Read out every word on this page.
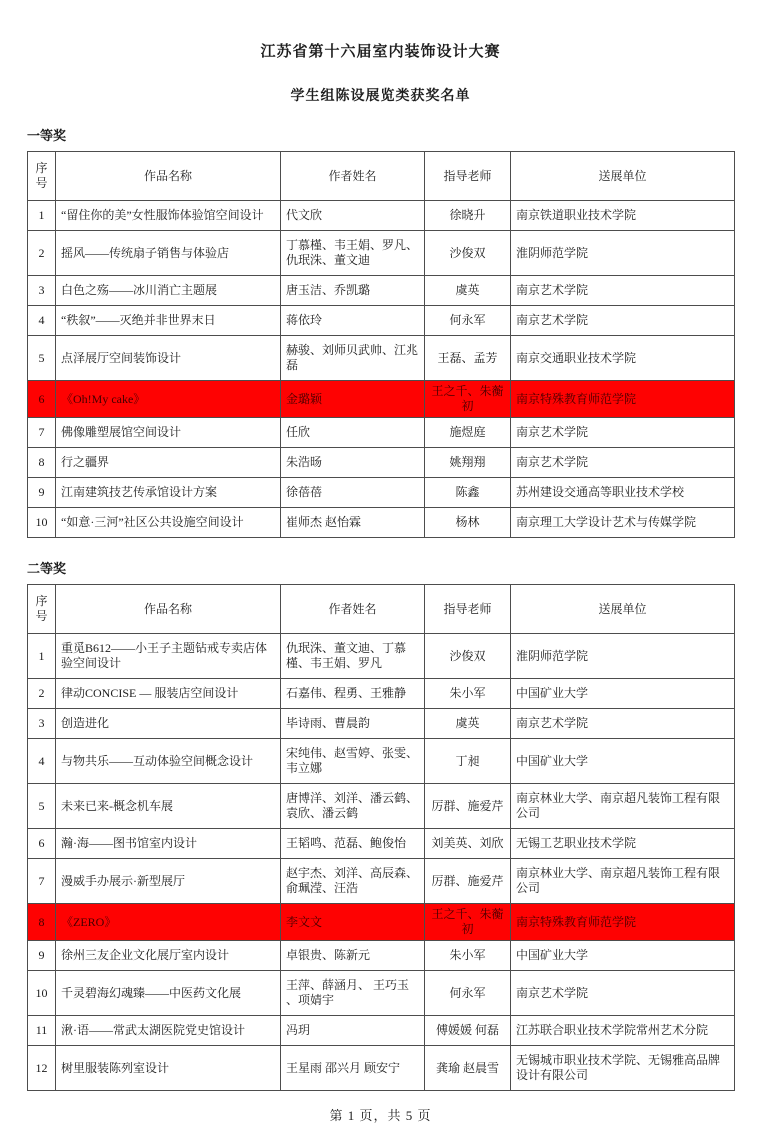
江苏省第十六届室内装饰设计大赛
学生组陈设展览类获奖名单
一等奖
序号	作品名称	作者姓名	指导老师	送展单位
1	“留住你的美”女性服饰体验馆空间设计	代文欣	徐晓升	南京铁道职业技术学院
2	摇风——传统扇子销售与体验店	丁慕槿、韦王娟、罗凡、仇珉洙、董文迪	沙俊双	淮阴师范学院
3	白色之殇——冰川消亡主题展	唐玉洁、乔凯璐	虞英	南京艺术学院
4	“秩叙”——灭绝并非世界末日	蒋依玲	何永军	南京艺术学院
5	点泽展厅空间装饰设计	赫骏、刘师贝武帅、江兆磊	王磊、孟芳	南京交通职业技术学院
6	《Oh!My cake》	金璐颖	王之千、朱蘅初	南京特殊教育师范学院
7	佛像雕塑展馆空间设计	任欣	施煜庭	南京艺术学院
8	行之疆界	朱浩旸	姚翔翔	南京艺术学院
9	江南建筑技艺传承馆设计方案	徐蓓蓓	陈鑫	苏州建设交通高等职业技术学校
10	“如意·三河”社区公共设施空间设计	崔师杰 赵怡霖	杨林	南京理工大学设计艺术与传媒学院
二等奖
序号	作品名称	作者姓名	指导老师	送展单位
1	重觅B612——小王子主题钻戒专卖店体验空间设计	仇珉洙、董文迪、丁慕槿、韦王娟、罗凡	沙俊双	淮阴师范学院
2	律动CONCISE — 服装店空间设计	石嘉伟、程勇、王雅静	朱小军	中国矿业大学
3	创造进化	毕诗雨、曹晨韵	虞英	南京艺术学院
4	与物共乐——互动体验空间概念设计	宋纯伟、赵雪婷、张雯、韦立娜	丁昶	中国矿业大学
5	未来已来-概念机车展	唐博洋、刘洋、潘云鹤、袁欣、潘云鹤	厉群、施爱芹	南京林业大学、南京超凡装饰工程有限公司
6	瀚·海——图书馆室内设计	王韬鸣、范磊、鲍俊怡	刘美英、刘欣	无锡工艺职业技术学院
7	漫威手办展示·新型展厅	赵宇杰、刘洋、高辰森、俞珮滢、汪浩	厉群、施爱芹	南京林业大学、南京超凡装饰工程有限公司
8	《ZERO》	李文文	王之千、朱蘅初	南京特殊教育师范学院
9	徐州三友企业文化展厅室内设计	卓银贵、陈新元	朱小军	中国矿业大学
10	千灵碧海幻魂臻——中医药文化展	王萍、薛涵月、 王巧玉 、项婧宇	何永军	南京艺术学院
11	湫·语——常武太湖医院党史馆设计	冯玥	傅媛媛 何磊	江苏联合职业技术学院常州艺术分院
12	树里服装陈列室设计	王星雨 邵兴月 顾安宁	龚瑜 赵晨雪	无锡城市职业技术学院、无锡雅高品牌设计有限公司
第 1 页，共 5 页
